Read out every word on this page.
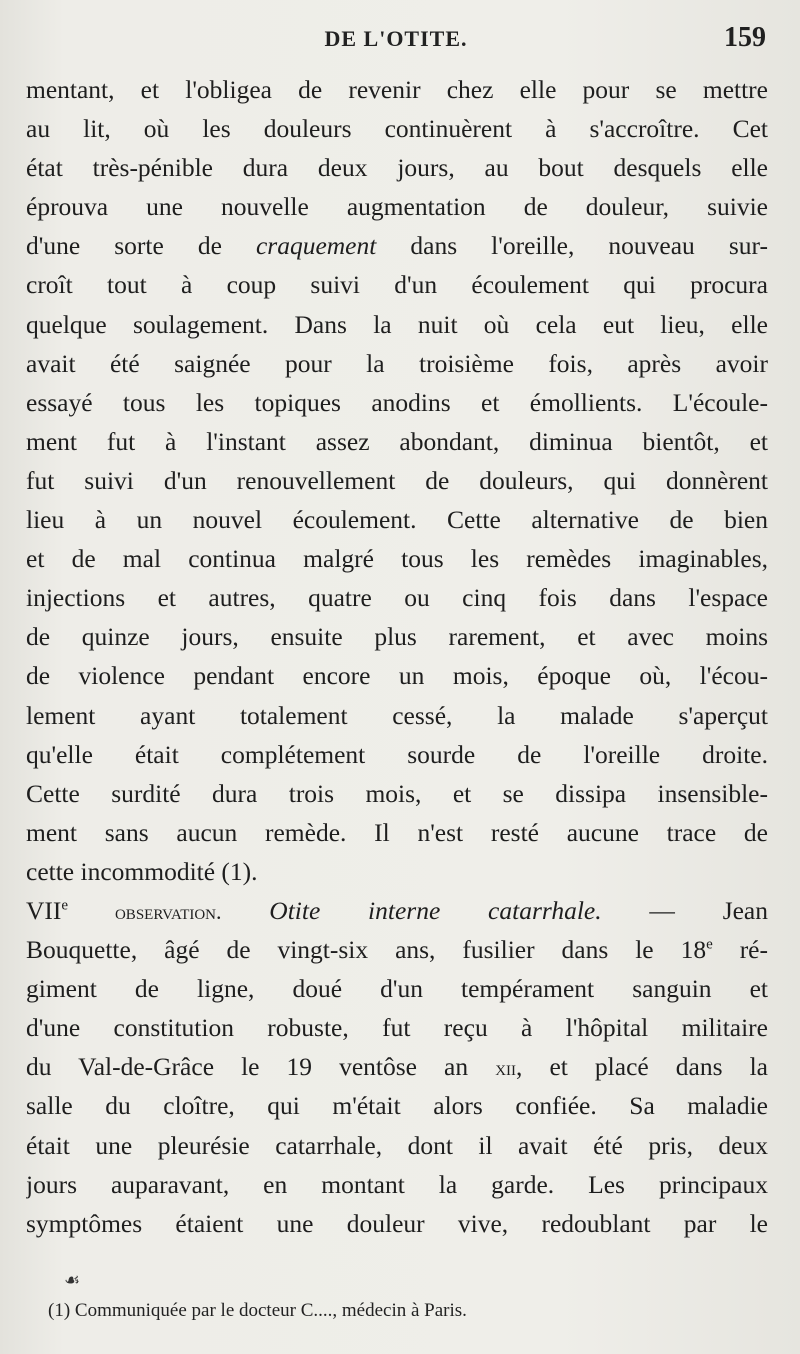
DE L'OTITE.	159
mentant, et l'obligea de revenir chez elle pour se mettre
au lit, où les douleurs continuèrent à s'accroître. Cet
état très-pénible dura deux jours, au bout desquels elle
éprouva une nouvelle augmentation de douleur, suivie
d'une sorte de craquement dans l'oreille, nouveau sur-
croît tout à coup suivi d'un écoulement qui procura
quelque soulagement. Dans la nuit où cela eut lieu, elle
avait été saignée pour la troisième fois, après avoir
essayé tous les topiques anodins et émollients. L'écoule-
ment fut à l'instant assez abondant, diminua bientôt, et
fut suivi d'un renouvellement de douleurs, qui donnèrent
lieu à un nouvel écoulement. Cette alternative de bien
et de mal continua malgré tous les remèdes imaginables,
injections et autres, quatre ou cinq fois dans l'espace
de quinze jours, ensuite plus rarement, et avec moins
de violence pendant encore un mois, époque où, l'écou-
lement ayant totalement cessé, la malade s'aperçut
qu'elle était complétement sourde de l'oreille droite.
Cette surdité dura trois mois, et se dissipa insensible-
ment sans aucun remède. Il n'est resté aucune trace de
cette incommodité (1).
VIIe observation. Otite interne catarrhale. — Jean
Bouquette, âgé de vingt-six ans, fusilier dans le 18e ré-
giment de ligne, doué d'un tempérament sanguin et
d'une constitution robuste, fut reçu à l'hôpital militaire
du Val-de-Grâce le 19 ventôse an xii, et placé dans la
salle du cloître, qui m'était alors confiée. Sa maladie
était une pleurésie catarrhale, dont il avait été pris, deux
jours auparavant, en montant la garde. Les principaux
symptômes étaient une douleur vive, redoublant par le
☙
(1) Communiquée par le docteur C...., médecin à Paris.
